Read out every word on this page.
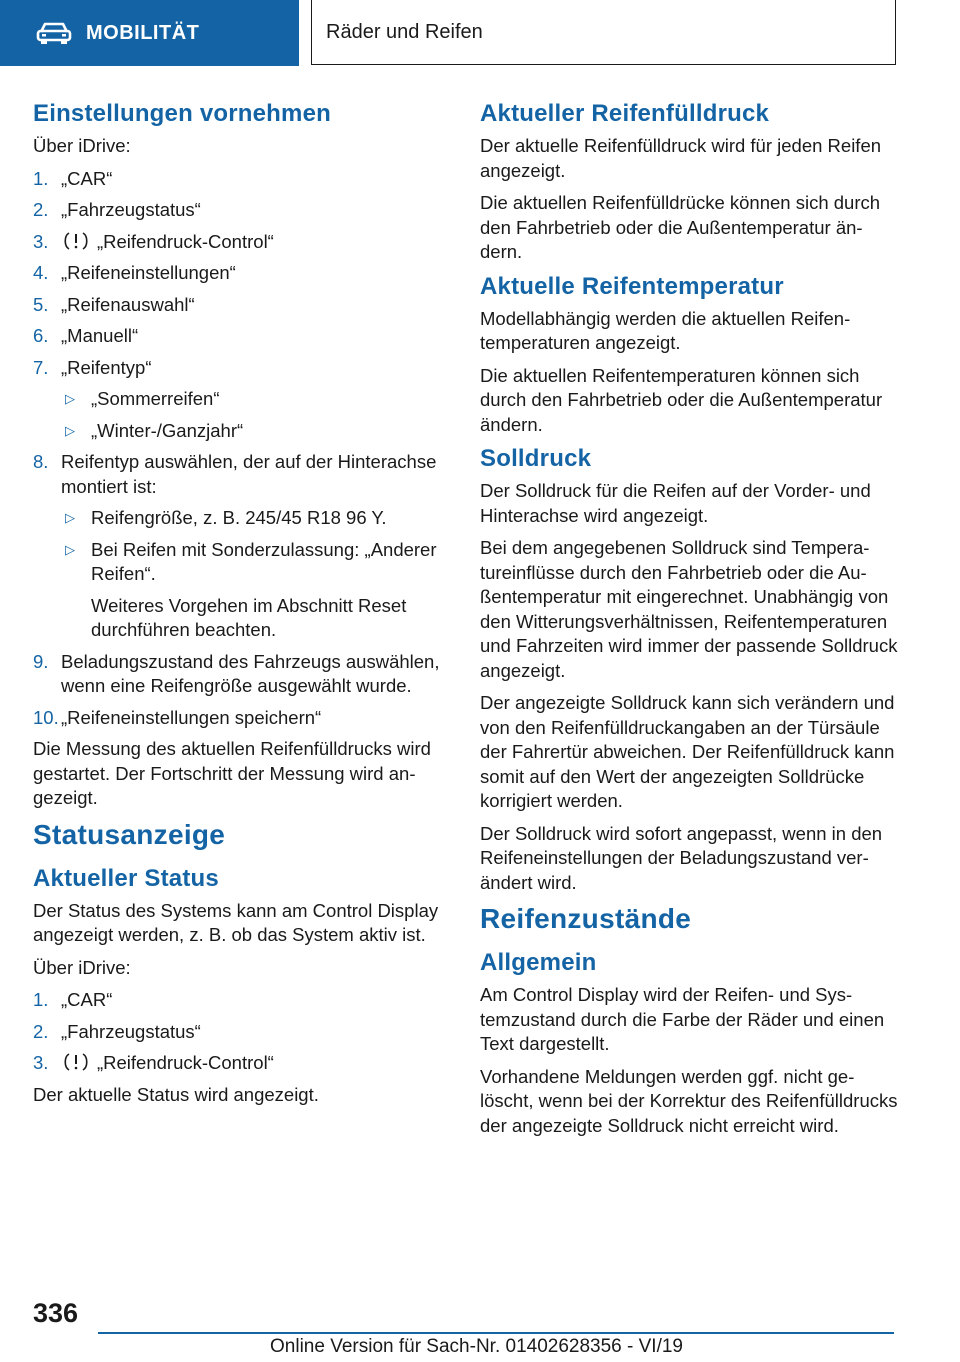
MOBILITÄT	Räder und Reifen
Einstellungen vornehmen

Über iDrive:

1. „CAR“
2. „Fahrzeugstatus“
3.	„Reifendruck-Control“
4. „Reifeneinstellungen“
5. „Reifenauswahl“
6. „Manuell“
7. „Reifentyp“
▷ „Sommerreifen“
▷ „Winter-/Ganzjahr“
8. Reifentyp auswählen, der auf der Hinterachse montiert ist:
▷ Reifengröße, z. B. 245/45 R18 96 Y.
▷ Bei Reifen mit Sonderzulassung: „Anderer Reifen“.

Weiteres Vorgehen im Abschnitt Reset durchführen beachten.

9. Beladungszustand des Fahrzeugs auswählen, wenn eine Reifengröße ausgewählt wurde.
10. „Reifeneinstellungen speichern“

Die Messung des aktuellen Reifenfülldrucks wird gestartet. Der Fortschritt der Messung wird angezeigt.

Statusanzeige
Aktueller Status

Der Status des Systems kann am Control Display angezeigt werden, z. B. ob das System aktiv ist.

Über iDrive:

1. „CAR“
2. „Fahrzeugstatus“
3.	„Reifendruck-Control“

Der aktuelle Status wird angezeigt.

Aktueller Reifenfülldruck

Der aktuelle Reifenfülldruck wird für jeden Reifen angezeigt.

Die aktuellen Reifenfülldrücke können sich durch den Fahrbetrieb oder die Außentemperatur ändern.

Aktuelle Reifentemperatur

Modellabhängig werden die aktuellen Reifentemperaturen angezeigt.

Die aktuellen Reifentemperaturen können sich durch den Fahrbetrieb oder die Außentemperatur ändern.

Solldruck

Der Solldruck für die Reifen auf der Vorder- und Hinterachse wird angezeigt.

Bei dem angegebenen Solldruck sind Temperatureinflüsse durch den Fahrbetrieb oder die Außentemperatur mit eingerechnet. Unabhängig von den Witterungsverhältnissen, Reifentemperaturen und Fahrzeiten wird immer der passende Solldruck angezeigt.

Der angezeigte Solldruck kann sich verändern und von den Reifenfülldruckangaben an der Türsäule der Fahrertür abweichen. Der Reifenfülldruck kann somit auf den Wert der angezeigten Solldrücke korrigiert werden.

Der Solldruck wird sofort angepasst, wenn in den Reifeneinstellungen der Beladungszustand verändert wird.

Reifenzustände
Allgemein

Am Control Display wird der Reifen- und Systemzustand durch die Farbe der Räder und einen Text dargestellt.

Vorhandene Meldungen werden ggf. nicht gelöscht, wenn bei der Korrektur des Reifenfülldrucks der angezeigte Solldruck nicht erreicht wird.

336
Online Version für Sach-Nr. 01402628356 - VI/19
